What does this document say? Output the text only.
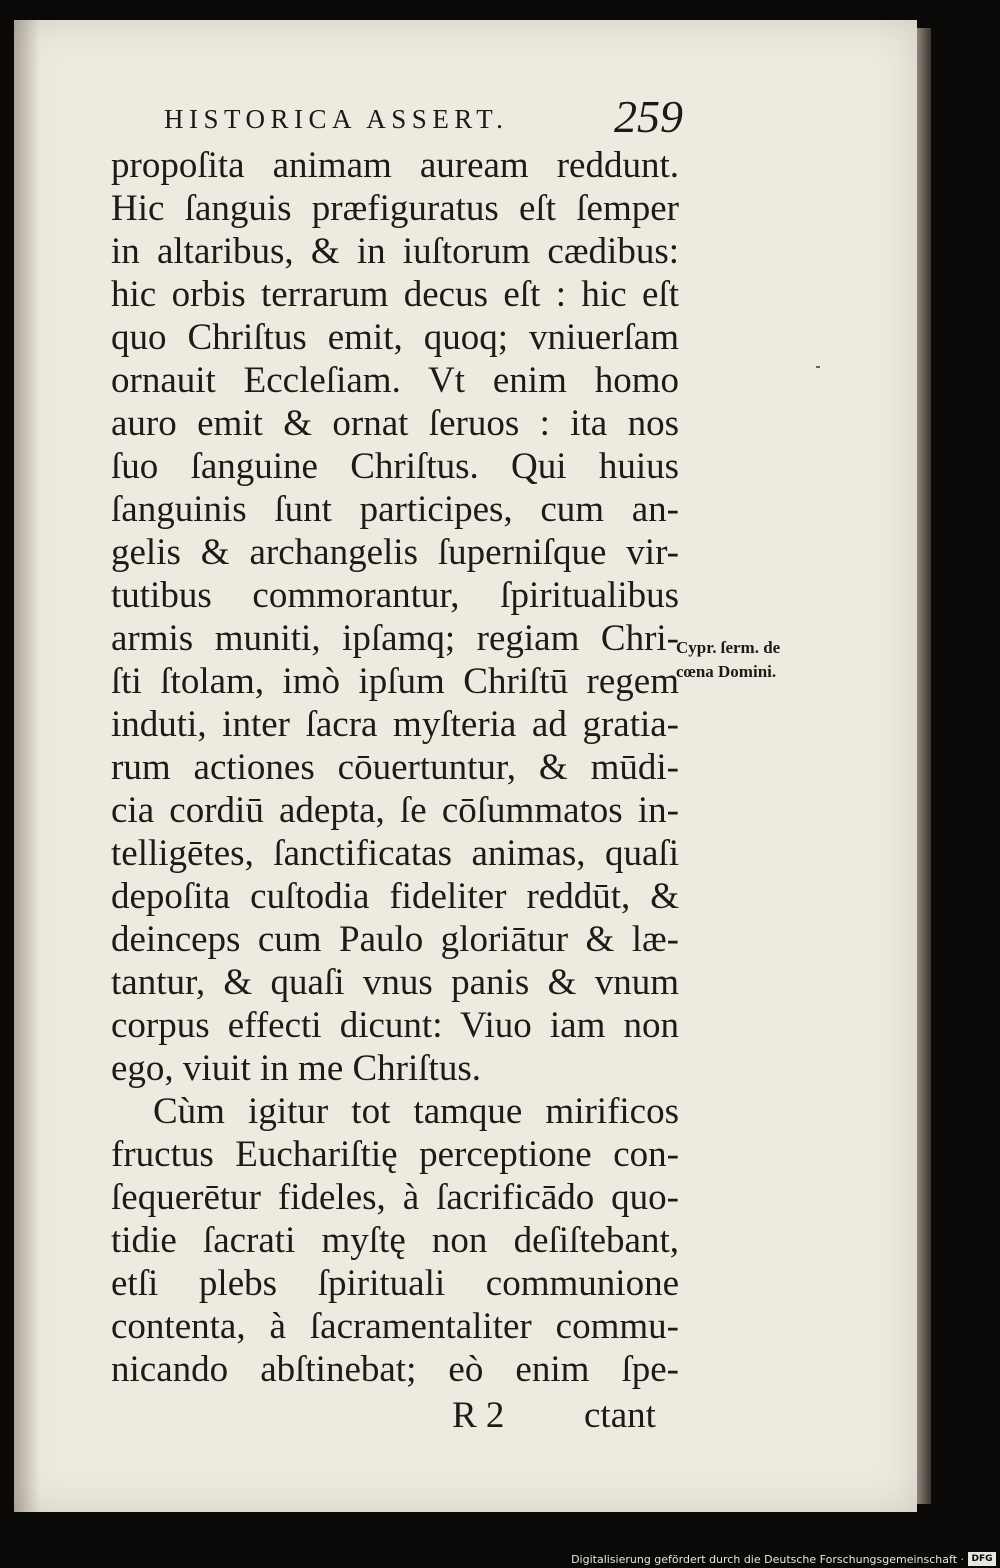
HISTORICA ASSERT. 259
propoſita animam auream reddunt.
Hic ſanguis præfiguratus eſt ſemper
in altaribus, & in iuſtorum cædibus:
hic orbis terrarum decus eſt : hic eſt
quo Chriſtus emit, quoq; vniuerſam
ornauit Eccleſiam. Vt enim homo
auro emit & ornat ſeruos : ita nos
ſuo ſanguine Chriſtus. Qui huius
ſanguinis ſunt participes, cum an-
gelis & archangelis ſuperniſque vir-
tutibus commorantur, ſpiritualibus
armis muniti, ipſamq; regiam Chri-
ſti ſtolam, imò ipſum Chriſtū regem
induti, inter ſacra myſteria ad gratia-
rum actiones cōuertuntur, & mūdi-
cia cordiū adepta, ſe cōſummatos in-
telligētes, ſanctificatas animas, quaſi
depoſita cuſtodia fideliter reddūt, &
deinceps cum Paulo gloriātur & læ-
tantur, & quaſi vnus panis & vnum
corpus effecti dicunt: Viuo iam non
ego, viuit in me Chriſtus.
Cùm igitur tot tamque mirificos
fructus Euchariſtię perceptione con-
ſequerētur fideles, à ſacrificādo quo-
tidie ſacrati myſtę non deſiſtebant,
etſi plebs ſpirituali communione
contenta, à ſacramentaliter commu-
nicando abſtinebat; eò enim ſpe-
Cypr. ſerm. de
cœna Domini.
R 2 ctant
Digitalisierung gefördert durch die Deutsche Forschungsgemeinschaft · DFG
